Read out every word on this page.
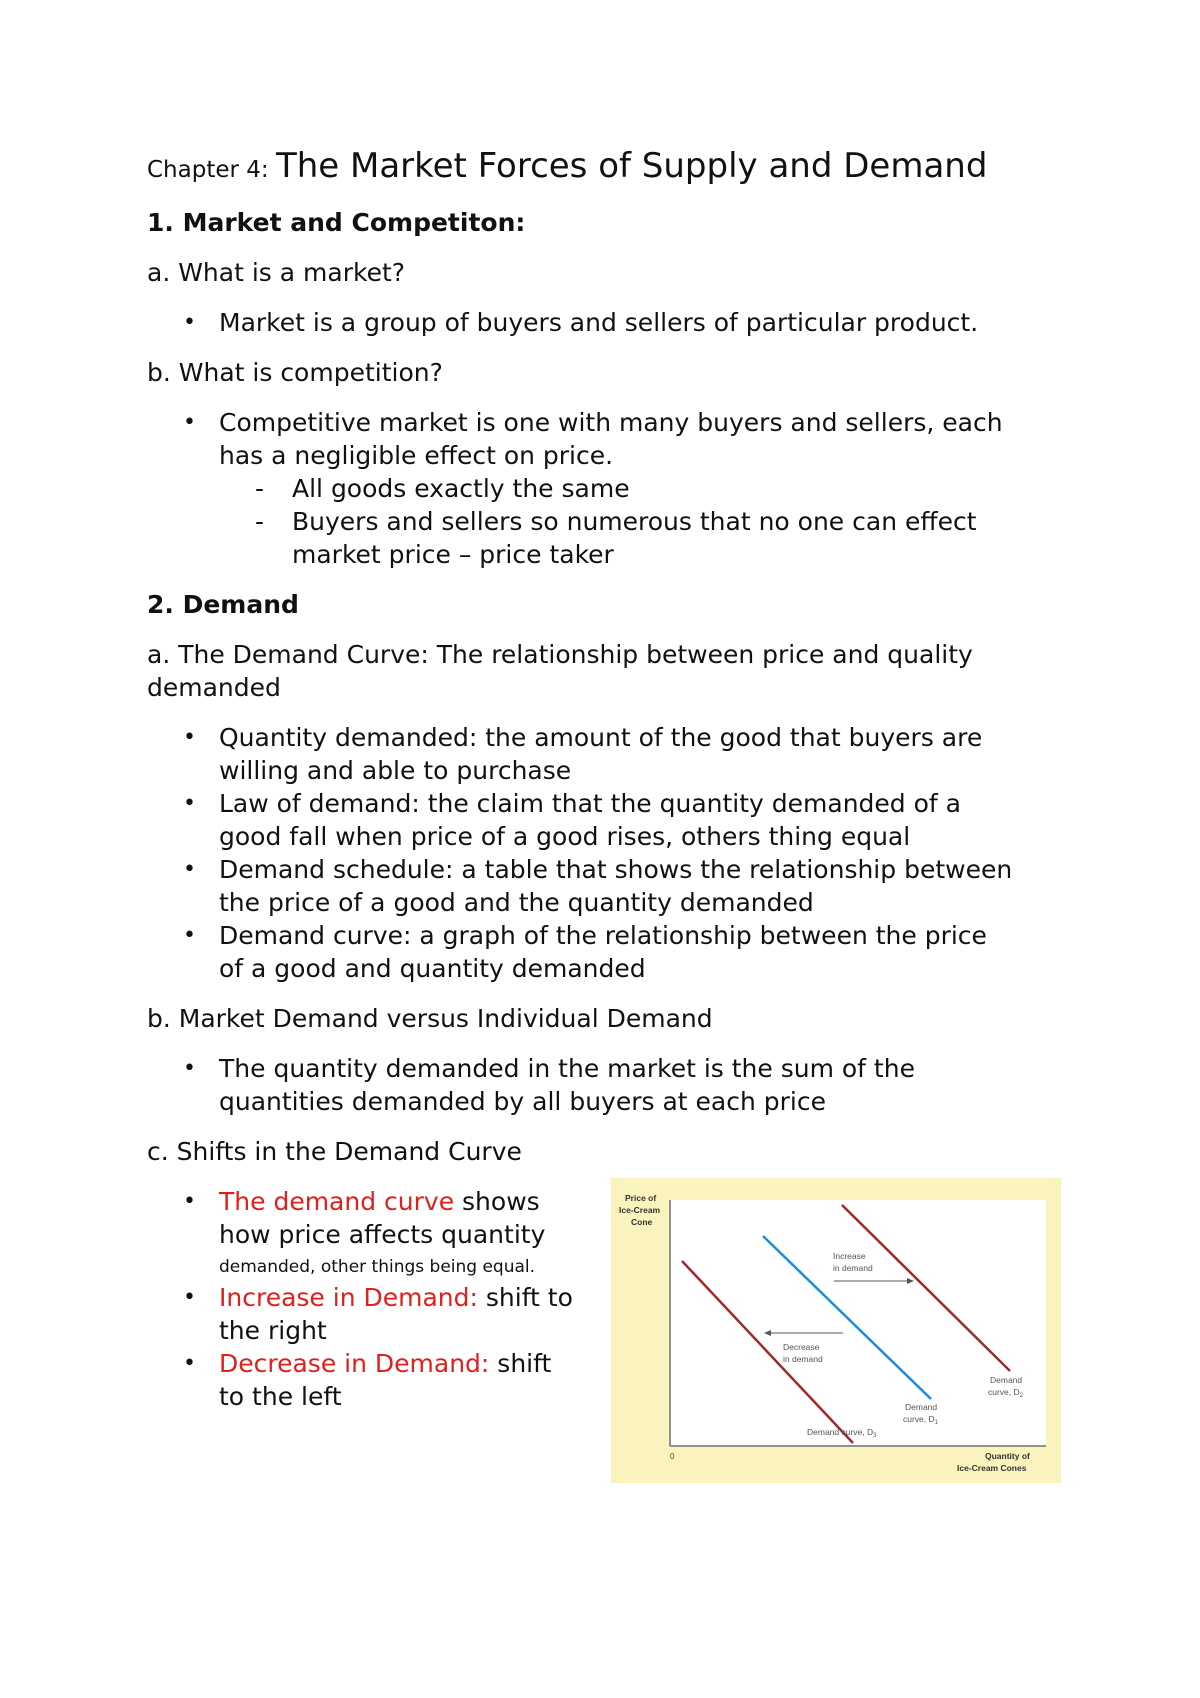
Chapter 4: The Market Forces of Supply and Demand
1. Market and Competiton:
a. What is a market?
• Market is a group of buyers and sellers of particular product.
b. What is competition?
• Competitive market is one with many buyers and sellers, each
has a negligible effect on price.
- All goods exactly the same
- Buyers and sellers so numerous that no one can effect
market price – price taker
2. Demand
a. The Demand Curve: The relationship between price and quality
demanded
• Quantity demanded: the amount of the good that buyers are
willing and able to purchase
• Law of demand: the claim that the quantity demanded of a
good fall when price of a good rises, others thing equal
• Demand schedule: a table that shows the relationship between
the price of a good and the quantity demanded
• Demand curve: a graph of the relationship between the price
of a good and quantity demanded
b. Market Demand versus Individual Demand
• The quantity demanded in the market is the sum of the
quantities demanded by all buyers at each price
c. Shifts in the Demand Curve
• The demand curve shows
how price affects quantity
demanded, other things being equal.
• Increase in Demand: shift to
the right
• Decrease in Demand: shift
to the left
Price of
Ice-Cream
Cone
Quantity of
Ice-Cream Cones
0
Increase
in demand
Decrease
in demand
Demand
curve, $D_1$
Demand
curve, $D_2$
Demand curve, $D_3$
